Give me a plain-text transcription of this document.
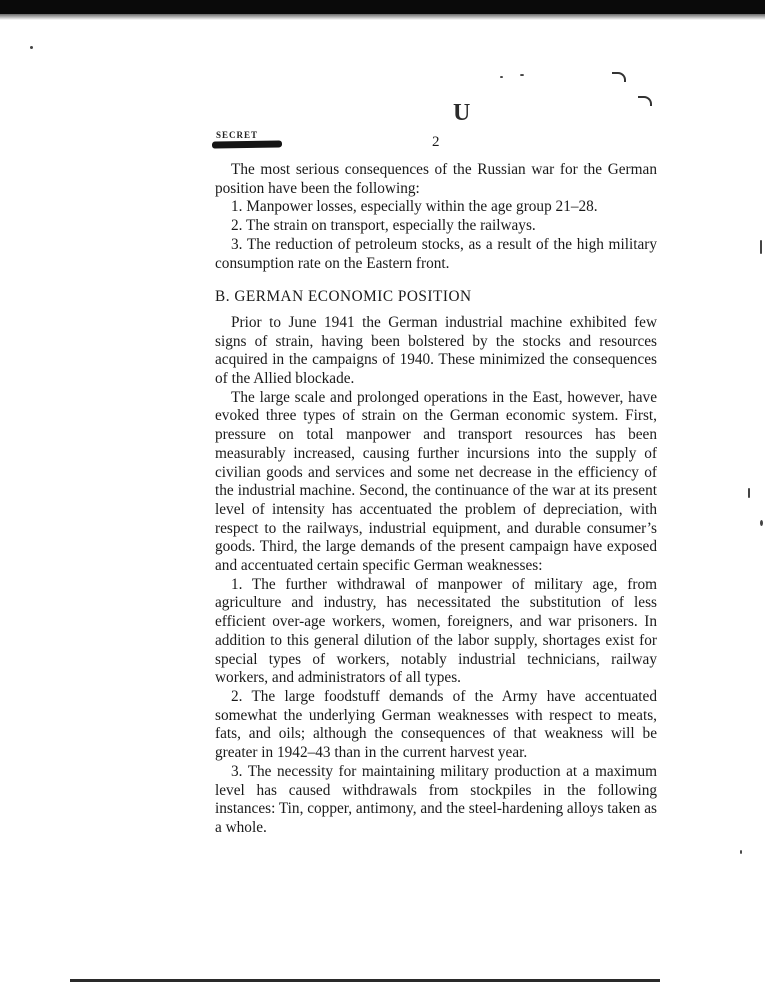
U
SECRET	2

The most serious consequences of the Russian war for the German position have been the following:

1. Manpower losses, especially within the age group 21–28.

2. The strain on transport, especially the railways.

3. The reduction of petroleum stocks, as a result of the high military consumption rate on the Eastern front.

B. GERMAN ECONOMIC POSITION

Prior to June 1941 the German industrial machine exhibited few signs of strain, having been bolstered by the stocks and resources acquired in the campaigns of 1940. These minimized the consequences of the Allied blockade.

The large scale and prolonged operations in the East, however, have evoked three types of strain on the German economic system. First, pressure on total manpower and transport resources has been measurably increased, causing further incursions into the supply of civilian goods and services and some net decrease in the efficiency of the industrial machine. Second, the continuance of the war at its present level of intensity has accentuated the problem of depreciation, with respect to the railways, industrial equipment, and durable consumer’s goods. Third, the large demands of the present campaign have exposed and accentuated certain specific German weaknesses:

1. The further withdrawal of manpower of military age, from agriculture and industry, has necessitated the substitution of less efficient over-age workers, women, foreigners, and war prisoners. In addition to this general dilution of the labor supply, shortages exist for special types of workers, notably industrial technicians, railway workers, and administrators of all types.

2. The large foodstuff demands of the Army have accentuated somewhat the underlying German weaknesses with respect to meats, fats, and oils; although the consequences of that weakness will be greater in 1942–43 than in the current harvest year.

3. The necessity for maintaining military production at a maximum level has caused withdrawals from stockpiles in the following instances: Tin, copper, antimony, and the steel-hardening alloys taken as a whole.
